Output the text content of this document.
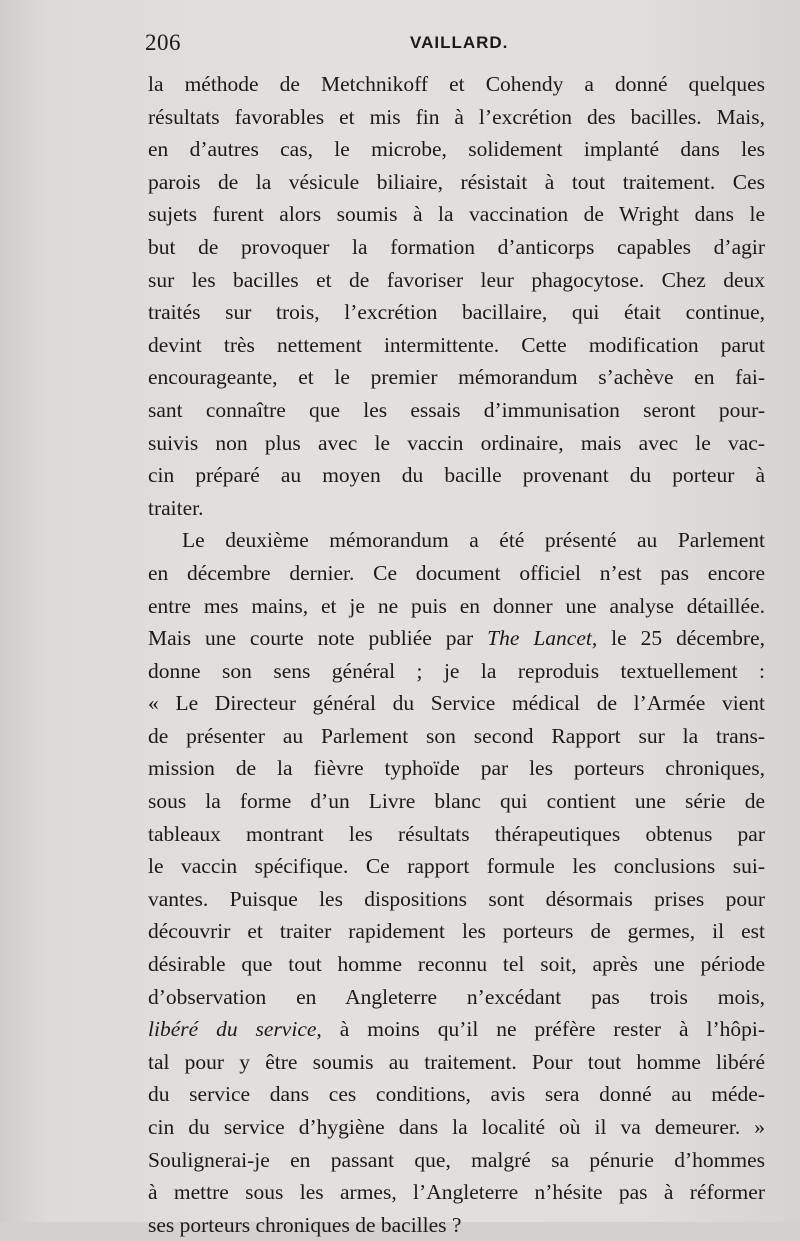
206	VAILLARD.
la méthode de Metchnikoff et Cohendy a donné quelques
résultats favorables et mis fin à l’excrétion des bacilles. Mais,
en d’autres cas, le microbe, solidement implanté dans les
parois de la vésicule biliaire, résistait à tout traitement. Ces
sujets furent alors soumis à la vaccination de Wright dans le
but de provoquer la formation d’anticorps capables d’agir
sur les bacilles et de favoriser leur phagocytose. Chez deux
traités sur trois, l’excrétion bacillaire, qui était continue,
devint très nettement intermittente. Cette modification parut
encourageante, et le premier mémorandum s’achève en fai-
sant connaître que les essais d’immunisation seront pour-
suivis non plus avec le vaccin ordinaire, mais avec le vac-
cin préparé au moyen du bacille provenant du porteur à
traiter.
Le deuxième mémorandum a été présenté au Parlement
en décembre dernier. Ce document officiel n’est pas encore
entre mes mains, et je ne puis en donner une analyse détaillée.
Mais une courte note publiée par The Lancet, le 25 décembre,
donne son sens général ; je la reproduis textuellement :
« Le Directeur général du Service médical de l’Armée vient
de présenter au Parlement son second Rapport sur la trans-
mission de la fièvre typhoïde par les porteurs chroniques,
sous la forme d’un Livre blanc qui contient une série de
tableaux montrant les résultats thérapeutiques obtenus par
le vaccin spécifique. Ce rapport formule les conclusions sui-
vantes. Puisque les dispositions sont désormais prises pour
découvrir et traiter rapidement les porteurs de germes, il est
désirable que tout homme reconnu tel soit, après une période
d’observation en Angleterre n’excédant pas trois mois,
libéré du service, à moins qu’il ne préfère rester à l’hôpi-
tal pour y être soumis au traitement. Pour tout homme libéré
du service dans ces conditions, avis sera donné au méde-
cin du service d’hygiène dans la localité où il va demeurer. »
Soulignerai-je en passant que, malgré sa pénurie d’hommes
à mettre sous les armes, l’Angleterre n’hésite pas à réformer
ses porteurs chroniques de bacilles ?
